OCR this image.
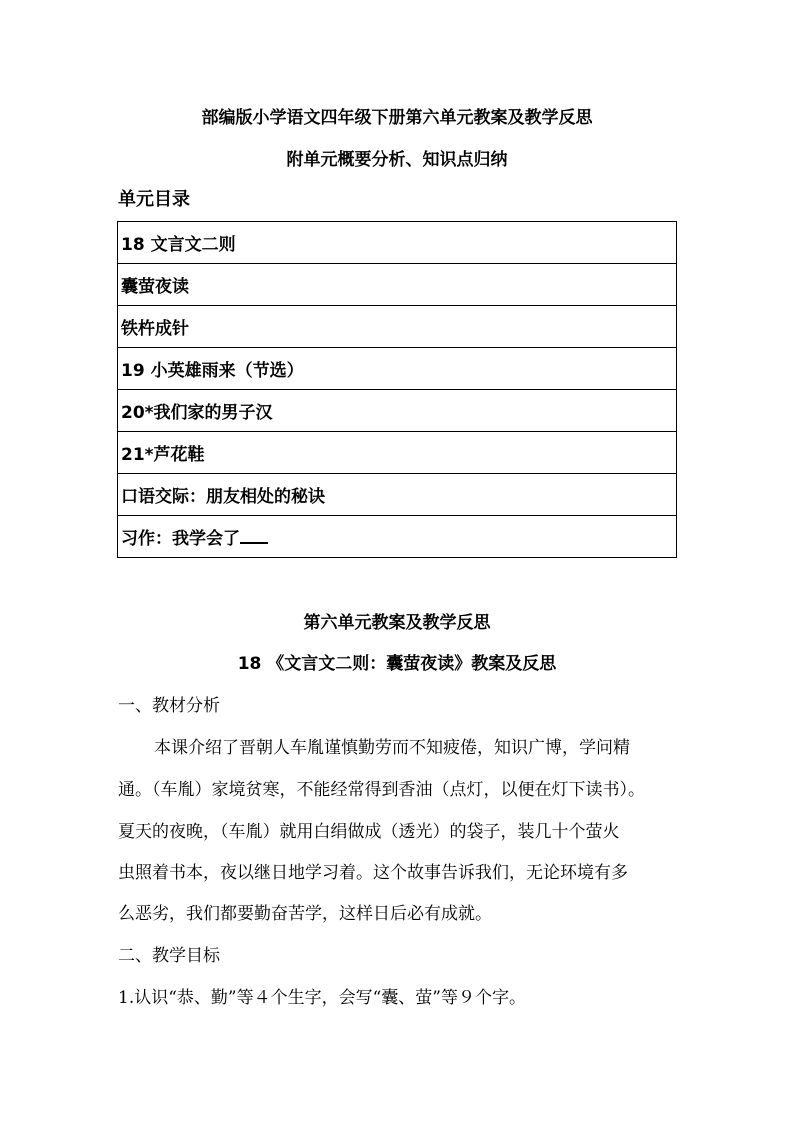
部编版小学语文四年级下册第六单元教案及教学反思
附单元概要分析、知识点归纳
单元目录
18 文言文二则
囊萤夜读
铁杵成针
19 小英雄雨来（节选）
20*我们家的男子汉
21*芦花鞋
口语交际：朋友相处的秘诀
习作：我学会了
第六单元教案及教学反思
18 《文言文二则：囊萤夜读》教案及反思
一、教材分析
本课介绍了晋朝人车胤谨慎勤劳而不知疲倦，知识广博，学问精
通。（车胤）家境贫寒，不能经常得到香油（点灯，以便在灯下读书）。
夏天的夜晚，（车胤）就用白绢做成（透光）的袋子，装几十个萤火
虫照着书本，夜以继日地学习着。这个故事告诉我们，无论环境有多
么恶劣，我们都要勤奋苦学，这样日后必有成就。
二、教学目标
1.认识“恭、勤”等４个生字，会写“囊、萤”等９个字。
